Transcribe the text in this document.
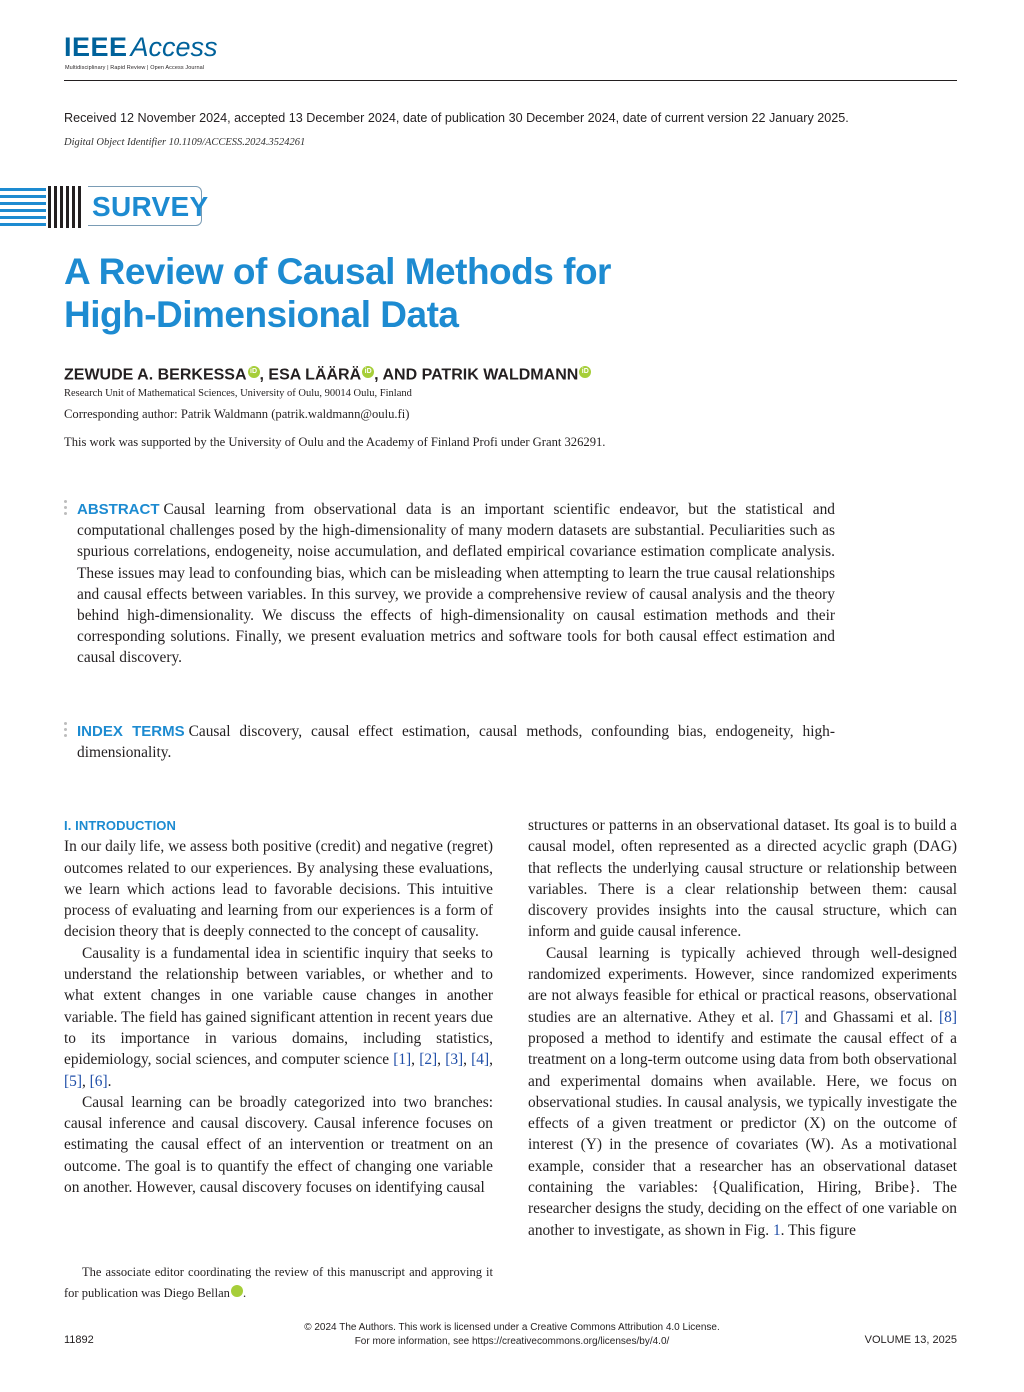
IEEE Access
Multidisciplinary | Rapid Review | Open Access Journal
Received 12 November 2024, accepted 13 December 2024, date of publication 30 December 2024, date of current version 22 January 2025.
Digital Object Identifier 10.1109/ACCESS.2024.3524261
SURVEY
A Review of Causal Methods for
High-Dimensional Data
ZEWUDE A. BERKESSA iD , ESA LÄÄRÄ iD , AND PATRIK WALDMANN iD
Research Unit of Mathematical Sciences, University of Oulu, 90014 Oulu, Finland
Corresponding author: Patrik Waldmann (patrik.waldmann@oulu.fi)
This work was supported by the University of Oulu and the Academy of Finland Profi under Grant 326291.
ABSTRACT Causal learning from observational data is an important scientific endeavor, but the statistical and computational challenges posed by the high-dimensionality of many modern datasets are substantial. Peculiarities such as spurious correlations, endogeneity, noise accumulation, and deflated empirical covariance estimation complicate analysis. These issues may lead to confounding bias, which can be misleading when attempting to learn the true causal relationships and causal effects between variables. In this survey, we provide a comprehensive review of causal analysis and the theory behind high-dimensionality. We discuss the effects of high-dimensionality on causal estimation methods and their corresponding solutions. Finally, we present evaluation metrics and software tools for both causal effect estimation and causal discovery.
INDEX TERMS Causal discovery, causal effect estimation, causal methods, confounding bias, endogeneity, high-dimensionality.
I. INTRODUCTION

In our daily life, we assess both positive (credit) and negative (regret) outcomes related to our experiences. By analysing these evaluations, we learn which actions lead to favorable decisions. This intuitive process of evaluating and learning from our experiences is a form of decision theory that is deeply connected to the concept of causality.

Causality is a fundamental idea in scientific inquiry that seeks to understand the relationship between variables, or whether and to what extent changes in one variable cause changes in another variable. The field has gained significant attention in recent years due to its importance in various domains, including statistics, epidemiology, social sciences, and computer science [1], [2], [3], [4], [5], [6].

Causal learning can be broadly categorized into two branches: causal inference and causal discovery. Causal inference focuses on estimating the causal effect of an intervention or treatment on an outcome. The goal is to quantify the effect of changing one variable on another. However, causal discovery focuses on identifying causal

The associate editor coordinating the review of this manuscript and approving it for publication was Diego Bellan	iD.

structures or patterns in an observational dataset. Its goal is to build a causal model, often represented as a directed acyclic graph (DAG) that reflects the underlying causal structure or relationship between variables. There is a clear relationship between them: causal discovery provides insights into the causal structure, which can inform and guide causal inference.

Causal learning is typically achieved through well-designed randomized experiments. However, since randomized experiments are not always feasible for ethical or practical reasons, observational studies are an alternative. Athey et al. [7] and Ghassami et al. [8] proposed a method to identify and estimate the causal effect of a treatment on a long-term outcome using data from both observational and experimental domains when available. Here, we focus on observational studies. In causal analysis, we typically investigate the effects of a given treatment or predictor (X) on the outcome of interest (Y) in the presence of covariates (W). As a motivational example, consider that a researcher has an observational dataset containing the variables: {Qualification, Hiring, Bribe}. The researcher designs the study, deciding on the effect of one variable on another to investigate, as shown in Fig. 1. This figure

11892
© 2024 The Authors. This work is licensed under a Creative Commons Attribution 4.0 License.
For more information, see https://creativecommons.org/licenses/by/4.0/	VOLUME 13, 2025
